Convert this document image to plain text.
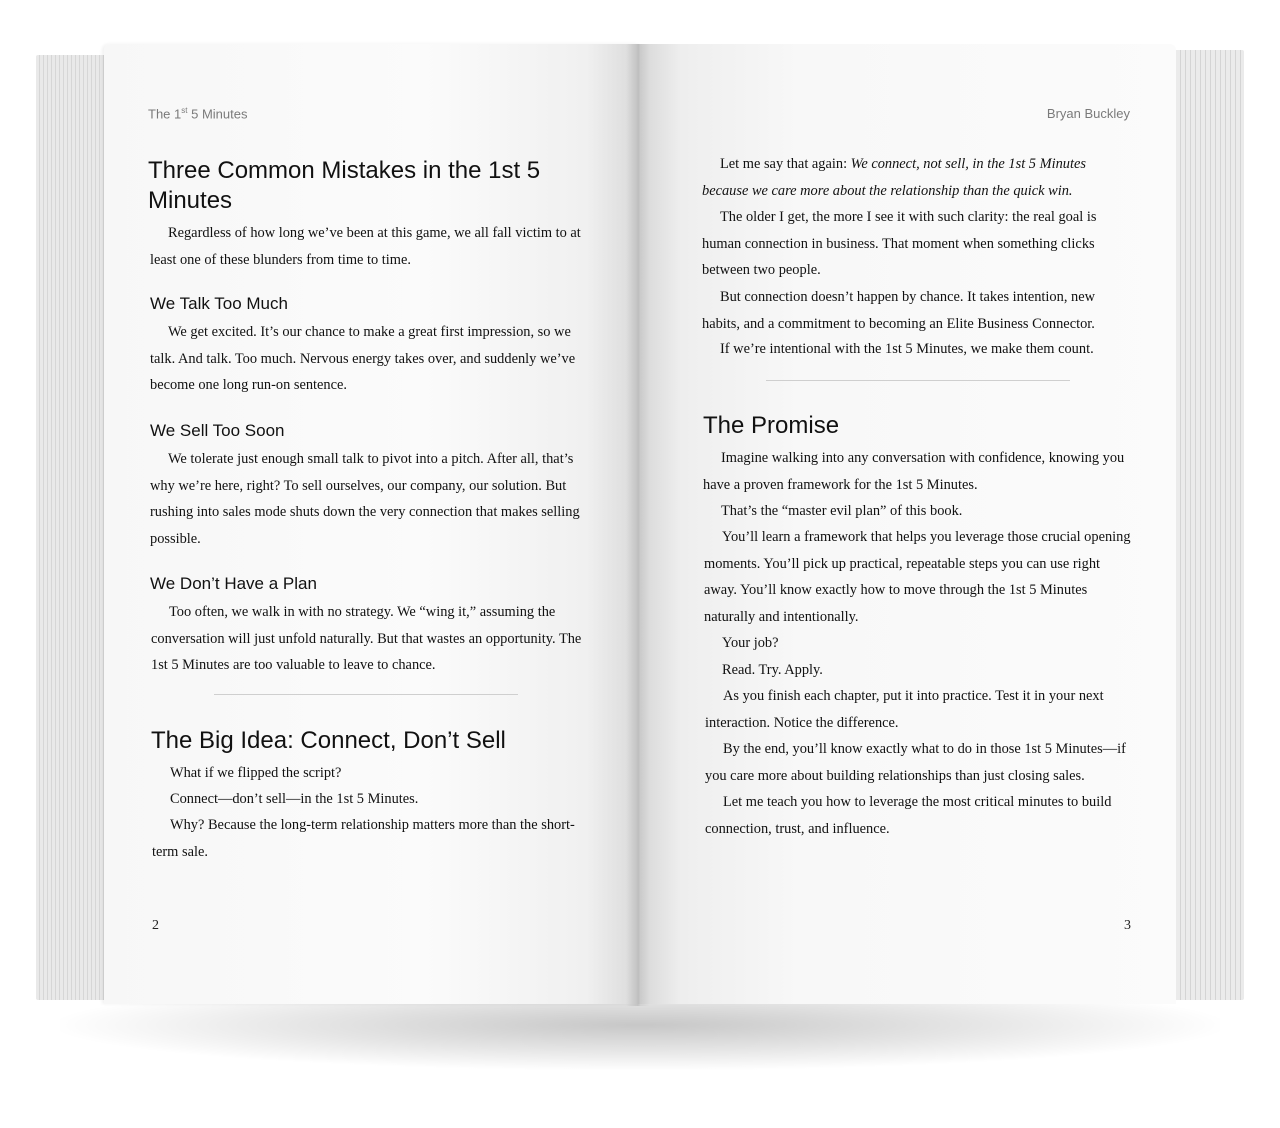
The 1st 5 Minutes
Three Common Mistakes in the 1st 5 Minutes

Regardless of how long we’ve been at this game, we all fall victim to at least one of these blunders from time to time.

We Talk Too Much

We get excited. It’s our chance to make a great first impression, so we talk. And talk. Too much. Nervous energy takes over, and suddenly we’ve become one long run-on sentence.

We Sell Too Soon

We tolerate just enough small talk to pivot into a pitch. After all, that’s why we’re here, right? To sell ourselves, our company, our solution. But rushing into sales mode shuts down the very connection that makes selling possible.

We Don’t Have a Plan

Too often, we walk in with no strategy. We “wing it,” assuming the conversation will just unfold naturally. But that wastes an opportunity. The 1st 5 Minutes are too valuable to leave to chance.

The Big Idea: Connect, Don’t Sell

What if we flipped the script?

Connect—don’t sell—in the 1st 5 Minutes.

Why? Because the long-term relationship matters more than the short-term sale.

2
Bryan Buckley

Let me say that again: We connect, not sell, in the 1st 5 Minutes because we care more about the relationship than the quick win.

The older I get, the more I see it with such clarity: the real goal is human connection in business. That moment when something clicks between two people.

But connection doesn’t happen by chance. It takes intention, new habits, and a commitment to becoming an Elite Business Connector.

If we’re intentional with the 1st 5 Minutes, we make them count.

The Promise

Imagine walking into any conversation with confidence, knowing you have a proven framework for the 1st 5 Minutes.

That’s the “master evil plan” of this book.

You’ll learn a framework that helps you leverage those crucial opening moments. You’ll pick up practical, repeatable steps you can use right away. You’ll know exactly how to move through the 1st 5 Minutes naturally and intentionally.

Your job?

Read. Try. Apply.

As you finish each chapter, put it into practice. Test it in your next interaction. Notice the difference.

By the end, you’ll know exactly what to do in those 1st 5 Minutes—if you care more about building relationships than just closing sales.

Let me teach you how to leverage the most critical minutes to build connection, trust, and influence.

3
